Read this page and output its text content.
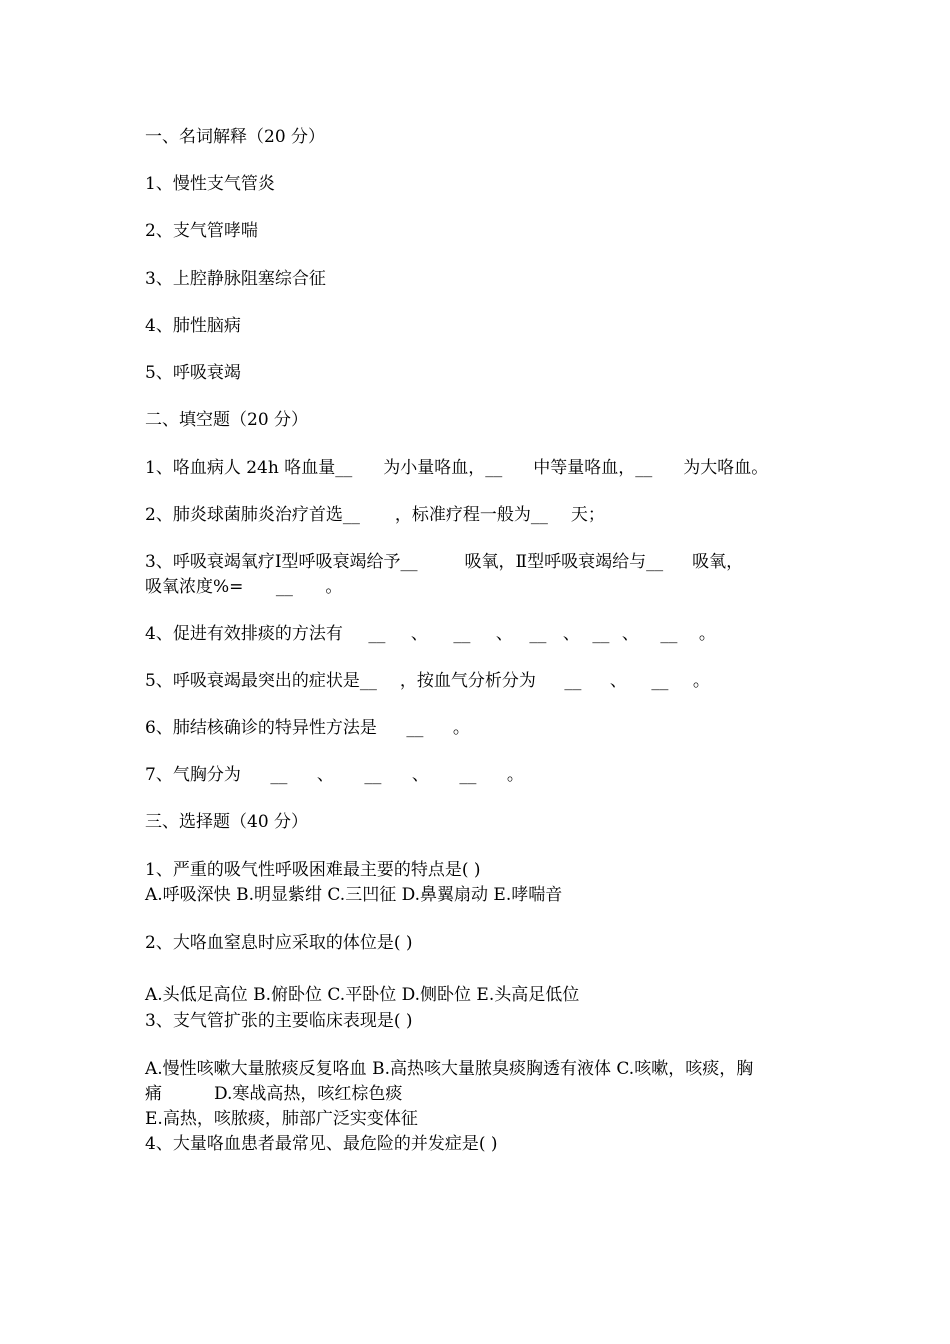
一、名词解释（20 分）
1、慢性支气管炎
2、支气管哮喘
3、上腔静脉阻塞综合征
4、肺性脑病
5、呼吸衰竭
二、填空题（20 分）
1、咯血病人 24h 咯血量__ 为小量咯血，__ 中等量咯血，__ 为大咯血。
2、肺炎球菌肺炎治疗首选__ ，标准疗程一般为__ 天；
3、呼吸衰竭氧疗Ⅰ型呼吸衰竭给予__	吸氧，Ⅱ型呼吸衰竭给与__ 吸氧，
吸氧浓度%= __ 。
4、促进有效排痰的方法有 __ 、 __ 、 __ 、 __ 、 __ 。
5、呼吸衰竭最突出的症状是__ ，按血气分析分为 __ 、 __ 。
6、肺结核确诊的特异性方法是 __ 。
7、气胸分为 __ 、 __ 、 __ 。
三、选择题（40 分）
1、严重的吸气性呼吸困难最主要的特点是( )
A.呼吸深快 B.明显紫绀 C.三凹征 D.鼻翼扇动 E.哮喘音
2、大咯血窒息时应采取的体位是( )
A.头低足高位 B.俯卧位 C.平卧位 D.侧卧位 E.头高足低位
3、支气管扩张的主要临床表现是( )
A.慢性咳嗽大量脓痰反复咯血 B.高热咳大量脓臭痰胸透有液体 C.咳嗽，咳痰，胸
痛	D.寒战高热，咳红棕色痰
E.高热，咳脓痰，肺部广泛实变体征
4、大量咯血患者最常见、最危险的并发症是( )
